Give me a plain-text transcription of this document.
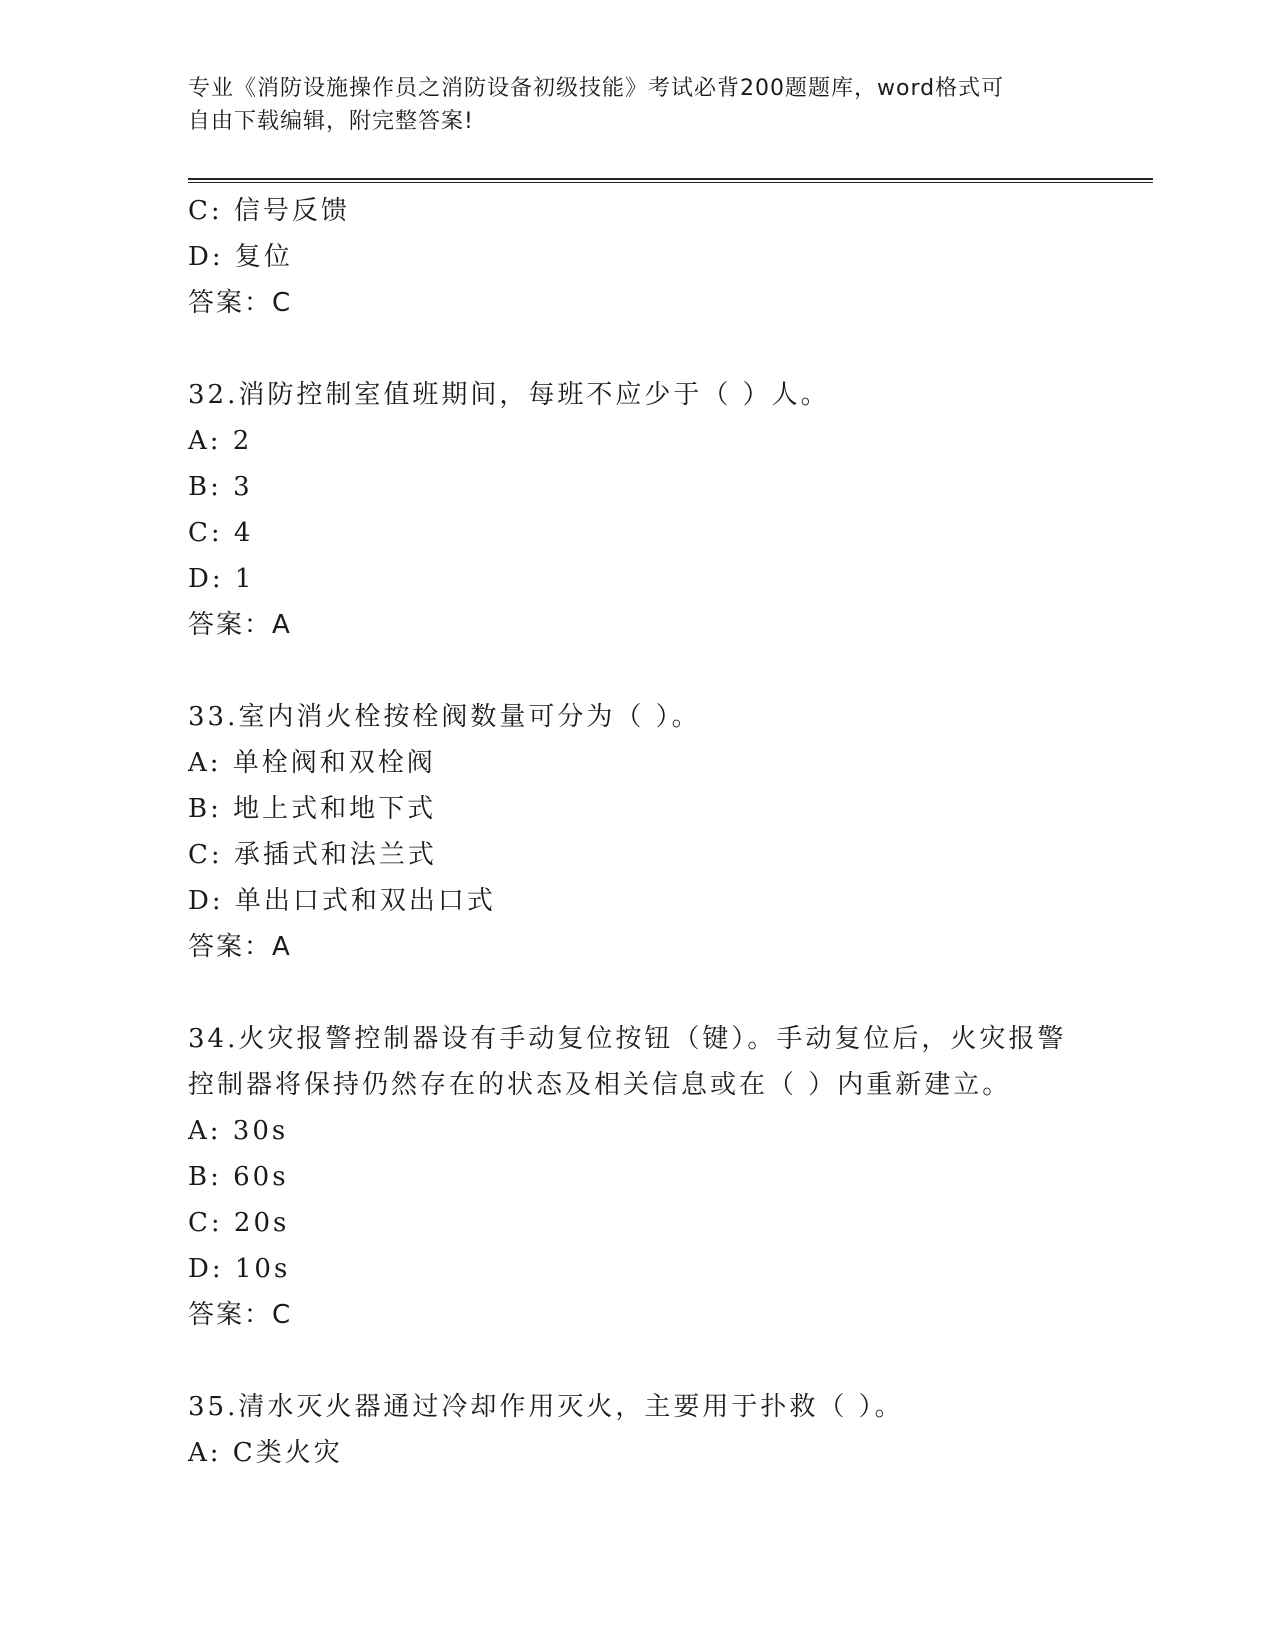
专业《消防设施操作员之消防设备初级技能》考试必背200题题库，word格式可
自由下载编辑，附完整答案!
C: 信号反馈
D: 复位
答案：C
32.消防控制室值班期间，每班不应少于（ ）人。
A: 2
B: 3
C: 4
D: 1
答案：A
33.室内消火栓按栓阀数量可分为（ ）。
A: 单栓阀和双栓阀
B: 地上式和地下式
C: 承插式和法兰式
D: 单出口式和双出口式
答案：A
34.火灾报警控制器设有手动复位按钮（键）。手动复位后，火灾报警
控制器将保持仍然存在的状态及相关信息或在（ ）内重新建立。
A: 30s
B: 60s
C: 20s
D: 10s
答案：C
35.清水灭火器通过冷却作用灭火，主要用于扑救（ ）。
A: C类火灾
